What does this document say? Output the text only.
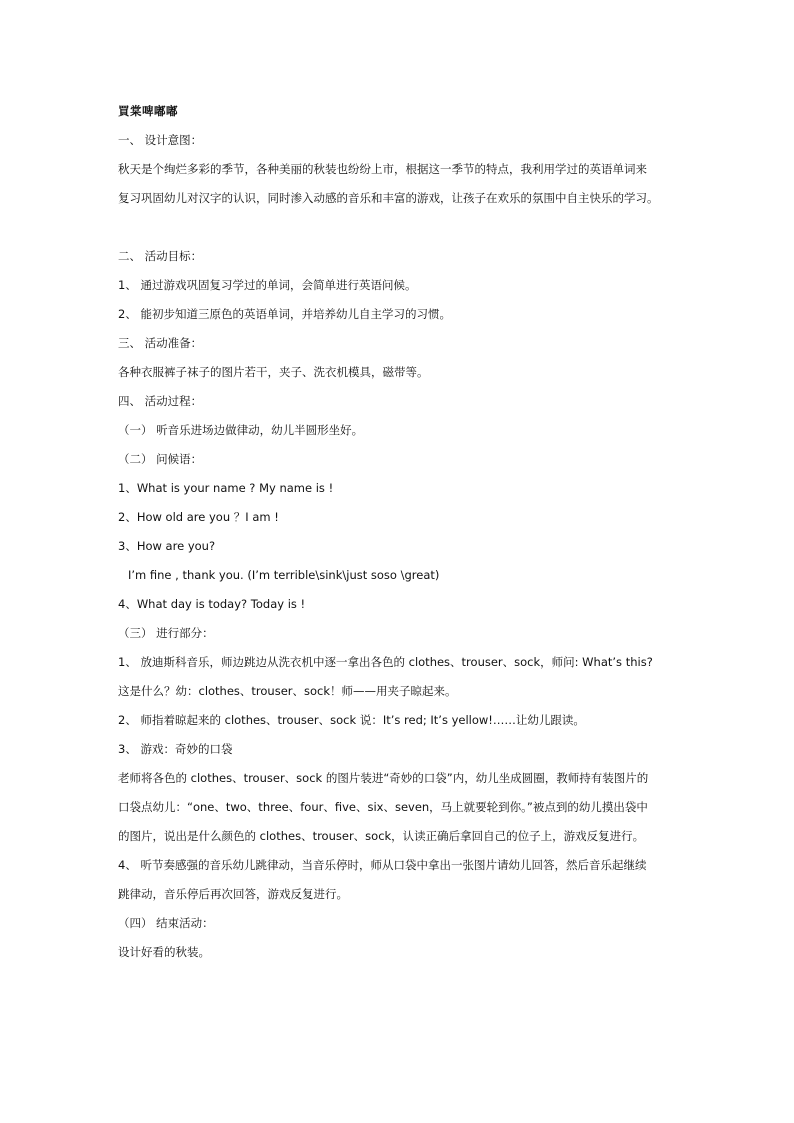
買棠啤嘟嘟
一、 设计意图：
秋天是个绚烂多彩的季节，各种美丽的秋装也纷纷上市，根据这一季节的特点，我利用学过的英语单词来
复习巩固幼儿对汉字的认识，同时渗入动感的音乐和丰富的游戏，让孩子在欢乐的氛围中自主快乐的学习。
二、 活动目标：
1、 通过游戏巩固复习学过的单词，会简单进行英语问候。
2、 能初步知道三原色的英语单词，并培养幼儿自主学习的习惯。
三、 活动准备：
各种衣服裤子袜子的图片若干，夹子、洗衣机模具，磁带等。
四、 活动过程：
（一） 听音乐进场边做律动，幼儿半圆形坐好。
（二） 问候语：
1、What is your name ? My name is !
2、How old are you ？I am !
3、How are you?
I’m fine , thank you. (I’m terrible\sink\just soso \great)
4、What day is today? Today is !
（三） 进行部分：
1、 放迪斯科音乐，师边跳边从洗衣机中逐一拿出各色的 clothes、trouser、sock，师问: What’s this?
这是什么？幼：clothes、trouser、sock！师——用夹子晾起来。
2、 师指着晾起来的 clothes、trouser、sock 说：It’s red; It’s yellow!……让幼儿跟读。
3、 游戏：奇妙的口袋
老师将各色的 clothes、trouser、sock 的图片装进“奇妙的口袋”内，幼儿坐成圆圈，教师持有装图片的
口袋点幼儿：“one、two、three、four、five、six、seven，马上就要轮到你。”被点到的幼儿摸出袋中
的图片，说出是什么颜色的 clothes、trouser、sock，认读正确后拿回自己的位子上，游戏反复进行。
4、 听节奏感强的音乐幼儿跳律动，当音乐停时，师从口袋中拿出一张图片请幼儿回答，然后音乐起继续
跳律动，音乐停后再次回答，游戏反复进行。
（四） 结束活动：
设计好看的秋装。
